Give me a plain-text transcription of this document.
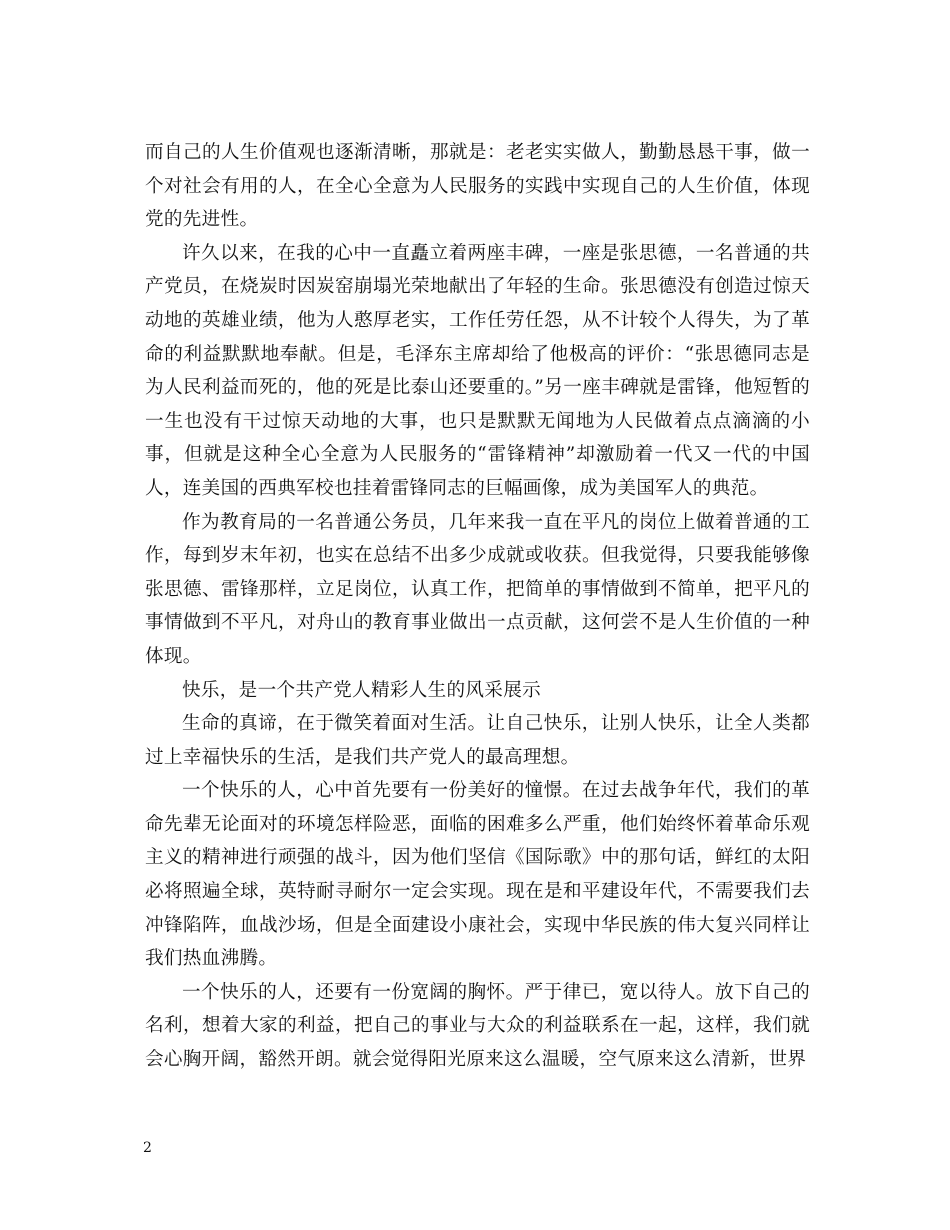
而自己的人生价值观也逐渐清晰，那就是：老老实实做人，勤勤恳恳干事，做一个对社会有用的人，在全心全意为人民服务的实践中实现自己的人生价值，体现党的先进性。

许久以来，在我的心中一直矗立着两座丰碑，一座是张思德，一名普通的共产党员，在烧炭时因炭窑崩塌光荣地献出了年轻的生命。张思德没有创造过惊天动地的英雄业绩，他为人憨厚老实，工作任劳任怨，从不计较个人得失，为了革命的利益默默地奉献。但是，毛泽东主席却给了他极高的评价：“张思德同志是为人民利益而死的，他的死是比泰山还要重的。”另一座丰碑就是雷锋，他短暂的一生也没有干过惊天动地的大事，也只是默默无闻地为人民做着点点滴滴的小事，但就是这种全心全意为人民服务的“雷锋精神”却激励着一代又一代的中国人，连美国的西典军校也挂着雷锋同志的巨幅画像，成为美国军人的典范。

作为教育局的一名普通公务员，几年来我一直在平凡的岗位上做着普通的工作，每到岁末年初，也实在总结不出多少成就或收获。但我觉得，只要我能够像张思德、雷锋那样，立足岗位，认真工作，把简单的事情做到不简单，把平凡的事情做到不平凡，对舟山的教育事业做出一点贡献，这何尝不是人生价值的一种体现。

快乐，是一个共产党人精彩人生的风采展示

生命的真谛，在于微笑着面对生活。让自己快乐，让别人快乐，让全人类都过上幸福快乐的生活，是我们共产党人的最高理想。

一个快乐的人，心中首先要有一份美好的憧憬。在过去战争年代，我们的革命先辈无论面对的环境怎样险恶，面临的困难多么严重，他们始终怀着革命乐观主义的精神进行顽强的战斗，因为他们坚信《国际歌》中的那句话，鲜红的太阳必将照遍全球，英特耐寻耐尔一定会实现。现在是和平建设年代，不需要我们去冲锋陷阵，血战沙场，但是全面建设小康社会，实现中华民族的伟大复兴同样让我们热血沸腾。

一个快乐的人，还要有一份宽阔的胸怀。严于律已，宽以待人。放下自己的名利，想着大家的利益，把自己的事业与大众的利益联系在一起，这样，我们就会心胸开阔，豁然开朗。就会觉得阳光原来这么温暖，空气原来这么清新，世界

2
